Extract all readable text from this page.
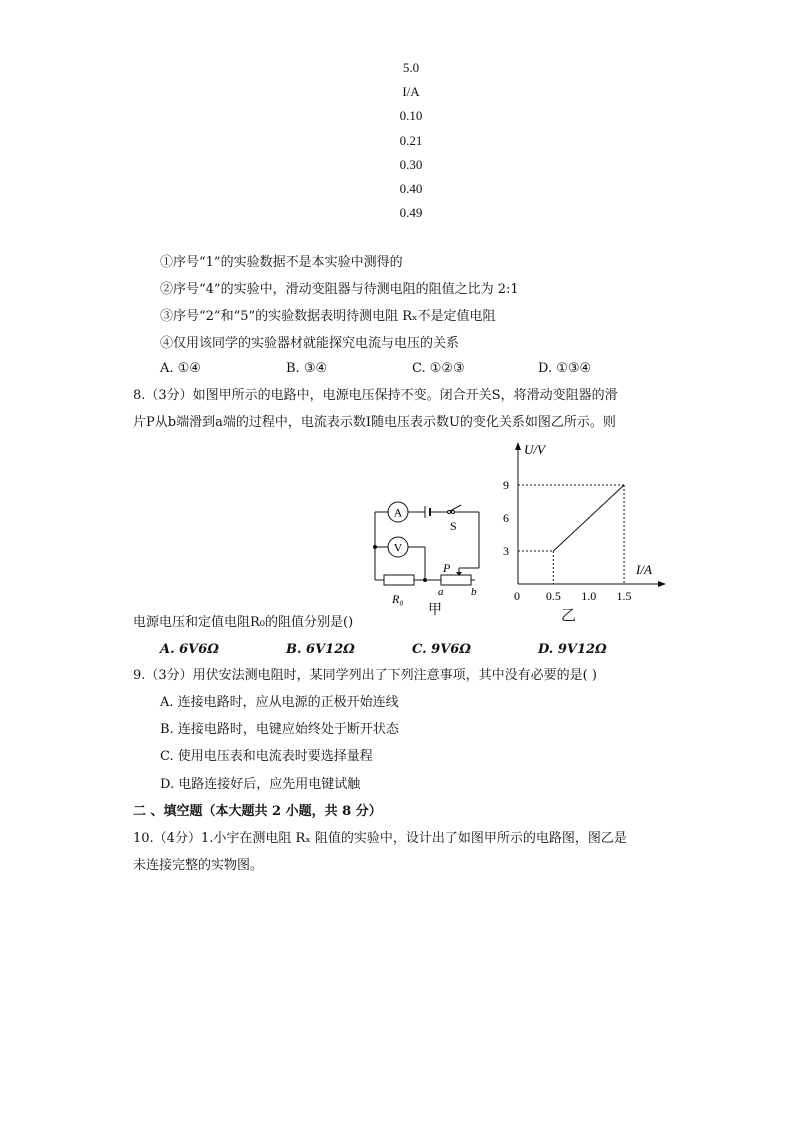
5.0
I/A
0.10
0.21
0.30
0.40
0.49
①序号“1”的实验数据不是本实验中测得的
②序号“4”的实验中，滑动变阻器与待测电阻的阻值之比为 2:1
③序号“2”和“5”的实验数据表明待测电阻 Rₓ不是定值电阻
④仅用该同学的实验器材就能探究电流与电压的关系
A. ①④	B. ③④	C. ①②③	D. ①③④
8.（3分）如图甲所示的电路中，电源电压保持不变。闭合开关S，将滑动变阻器的滑
片P从b端滑到a端的过程中，电流表示数I随电压表示数U的变化关系如图乙所示。则
A
V
S
R₀
P
a	b
甲
U/V
I/A
0 0.5 1.0 1.5
3
6
9
乙
电源电压和定值电阻R₀的阻值分别是()
A. 6V6Ω	B. 6V12Ω	C. 9V6Ω	D. 9V12Ω
9.（3分）用伏安法测电阻时，某同学列出了下列注意事项，其中没有必要的是( )
A. 连接电路时，应从电源的正极开始连线
B. 连接电路时，电键应始终处于断开状态
C. 使用电压表和电流表时要选择量程
D. 电路连接好后，应先用电键试触
二 、填空题（本大题共 2 小题，共 8 分）
10.（4分）1.小宇在测电阻 Rₓ 阻值的实验中，设计出了如图甲所示的电路图，图乙是
未连接完整的实物图。
